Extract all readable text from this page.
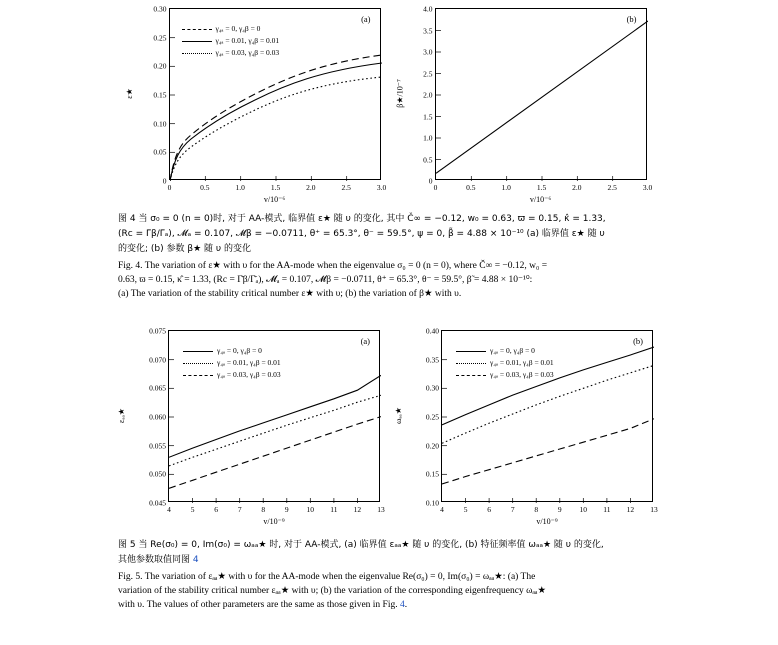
(a)
γ₄ₐ = 0, γ₄β = 0
γ₄ₐ = 0.01, γ₄β = 0.01
γ₄ₐ = 0.03, γ₄β = 0.03
0
0.05
0.10
0.15
0.20
0.25
0.30
0	0.5	1.0	1.5	2.0	2.5	3.0
v/10⁻⁶
ε★
(b)
0
0.5
1.0
1.5
2.0
2.5
3.0
3.5
4.0
0	0.5	1.0	1.5	2.0	2.5	3.0
v/10⁻⁶
β★/10⁻⁷
图 4 当 σ₀ = 0 (n = 0)时, 对于 AA-模式, 临界值 ε★ 随 υ 的变化, 其中 Č∞ = −0.12, w₀ = 0.63, ϖ = 0.15, κ̂ = 1.33,
(Rc = Γ̄β/Γ̄ₐ), 𝓜ₐ = 0.107, 𝓜β = −0.0711, θ⁺ = 65.3°, θ⁻ = 59.5°, ψ = 0, β̃ = 4.88 × 10⁻¹⁰ (a) 临界值 ε★ 随 υ
的变化; (b) 参数 β★ 随 υ 的变化
Fig. 4. The variation of ε★ with υ for the AA-mode when the eigenvalue σ₀ = 0 (n = 0), where Č∞ = −0.12, w₀ =
0.63, ϖ = 0.15, κ̂ = 1.33, (Rc = Γ̄β/Γ̄ₐ), 𝓜ₐ = 0.107, 𝓜β = −0.0711, θ⁺ = 65.3°, θ⁻ = 59.5°, β̃ = 4.88 × 10⁻¹⁰:
(a) The variation of the stability critical number ε★ with υ; (b) the variation of β★ with υ.
(a)
γ₄ₐ = 0, γ₄β = 0
γ₄ₐ = 0.01, γ₄β = 0.01
γ₄ₐ = 0.03, γ₄β = 0.03
0.045
0.050
0.055
0.060
0.065
0.070
0.075
4	5	6	7	8	9 10 11 12 13
v/10⁻⁹
εₐₐ★
(b)
γ₄ₐ = 0, γ₄β = 0
γ₄ₐ = 0.01, γ₄β = 0.01
γ₄ₐ = 0.03, γ₄β = 0.03
0.10
0.15
0.20
0.25
0.30
0.35
0.40
4	5	6	7	8	9 10 11 12 13
v/10⁻⁹
ωₐₐ★
图 5 当 Re(σ₀) = 0, Im(σ₀) = ωₐₐ★ 时, 对于 AA-模式, (a) 临界值 εₐₐ★ 随 υ 的变化, (b) 特征频率值 ωₐₐ★ 随 υ 的变化,
其他参数取值同图 4
Fig. 5. The variation of εₐₐ★ with υ for the AA-mode when the eigenvalue Re(σ₀) = 0, Im(σ₀) = ωₐₐ★: (a) The
variation of the stability critical number εₐₐ★ with υ; (b) the variation of the corresponding eigenfrequency ωₐₐ★
with υ. The values of other parameters are the same as those given in Fig. 4.
